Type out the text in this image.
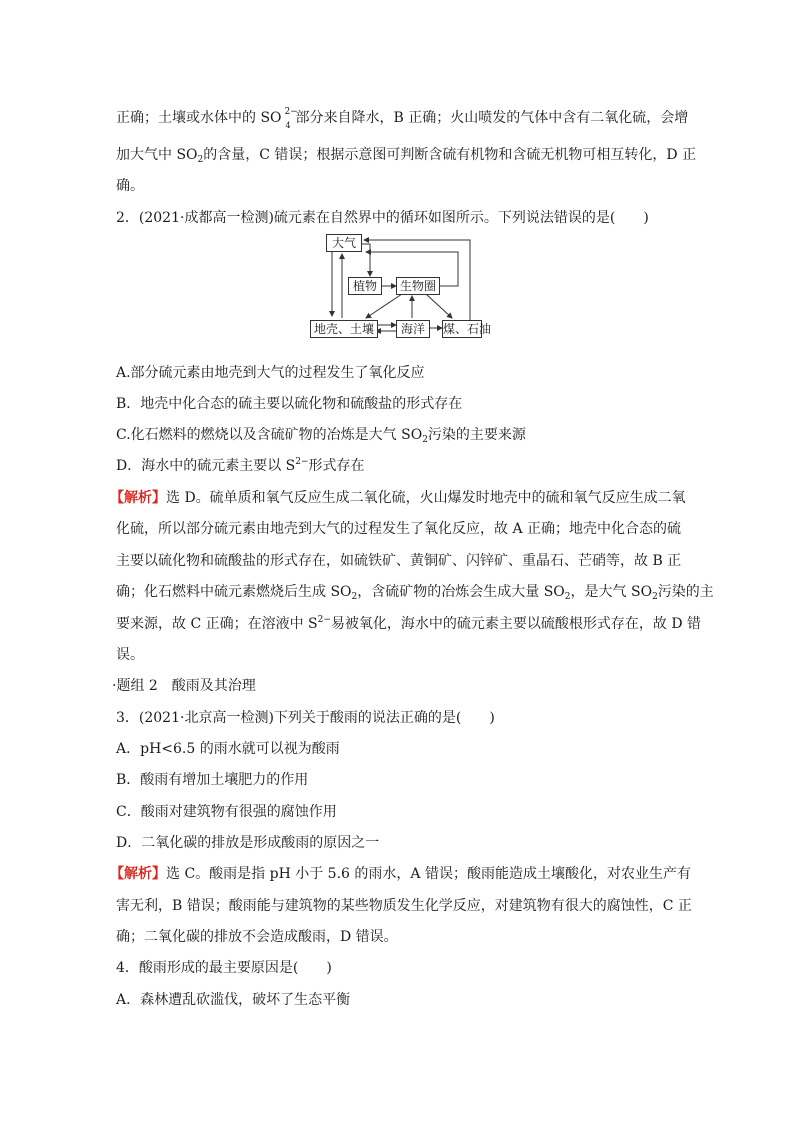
正确；土壤或水体中的 SO 2−
4 部分来自降水，B 正确；火山喷发的气体中含有二氧化硫，会增
加大气中 $SO_2$的含量，C 错误；根据示意图可判断含硫有机物和含硫无机物可相互转化，D 正
确。
2．(2021·成都高一检测)硫元素在自然界中的循环如图所示。下列说法错误的是(　　)
大气
植物	生物圈
地壳、土壤	海洋	煤、石油
A.部分硫元素由地壳到大气的过程发生了氧化反应
B．地壳中化合态的硫主要以硫化物和硫酸盐的形式存在
C.化石燃料的燃烧以及含硫矿物的冶炼是大气 $SO_2$污染的主要来源
D．海水中的硫元素主要以 $S^{2-}$形式存在
【解析】选 D。硫单质和氧气反应生成二氧化硫，火山爆发时地壳中的硫和氧气反应生成二氧
化硫，所以部分硫元素由地壳到大气的过程发生了氧化反应，故 A 正确；地壳中化合态的硫
主要以硫化物和硫酸盐的形式存在，如硫铁矿、黄铜矿、闪锌矿、重晶石、芒硝等，故 B 正
确；化石燃料中硫元素燃烧后生成 $SO_2$，含硫矿物的冶炼会生成大量 $SO_2$，是大气 $SO_2$污染的主
要来源，故 C 正确；在溶液中 $S^{2-}$易被氧化，海水中的硫元素主要以硫酸根形式存在，故 D 错
误。
·题组 2　酸雨及其治理
3．(2021·北京高一检测)下列关于酸雨的说法正确的是(　　)
A．pH<6.5 的雨水就可以视为酸雨
B．酸雨有增加土壤肥力的作用
C．酸雨对建筑物有很强的腐蚀作用
D．二氧化碳的排放是形成酸雨的原因之一
【解析】选 C。酸雨是指 pH 小于 5.6 的雨水，A 错误；酸雨能造成土壤酸化，对农业生产有
害无利，B 错误；酸雨能与建筑物的某些物质发生化学反应，对建筑物有很大的腐蚀性，C 正
确；二氧化碳的排放不会造成酸雨，D 错误。
4．酸雨形成的最主要原因是(　　)
A．森林遭乱砍滥伐，破坏了生态平衡
